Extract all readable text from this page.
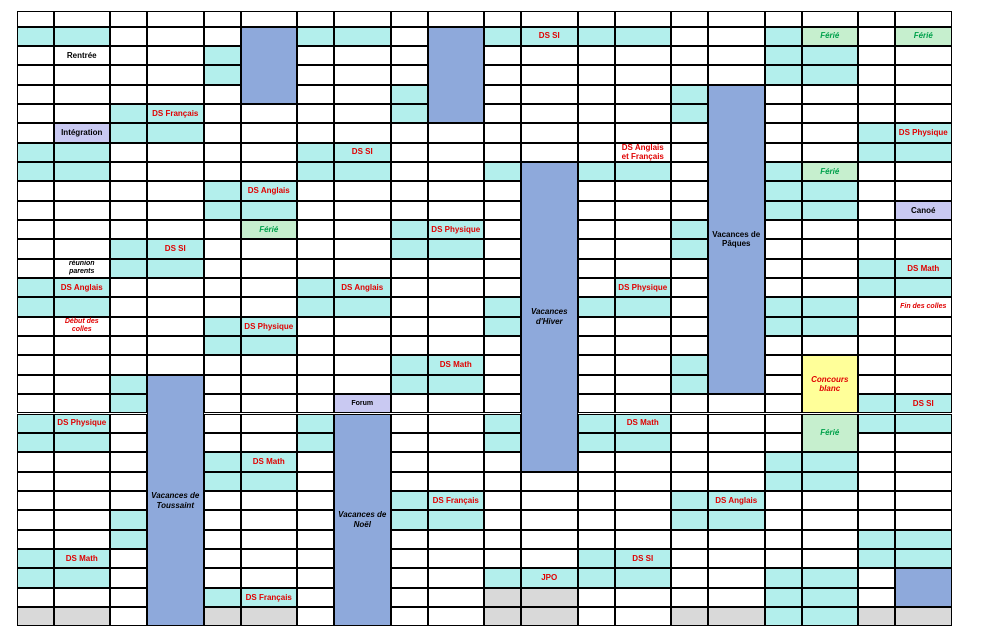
Rentrée
Intégration
réunion parents
DS Anglais
Début des colles
DS Physique
DS Math
DS Français
DS SI
Vacances de Toussaint
DS Anglais
Férié
DS Physique
DS Math
DS Français
DS SI
DS Anglais
Forum
Vacances de Noël
DS Physique
DS Math
DS Français
DS SI
Vacances d'Hiver
JPO
DS Anglais et Français
DS Physique
DS Math
DS SI
Vacances de Pâques
DS Anglais
Férié
Férié
Concours blanc
Férié
Férié
DS Physique
Canoé
DS Math
Fin des colles
DS SI
